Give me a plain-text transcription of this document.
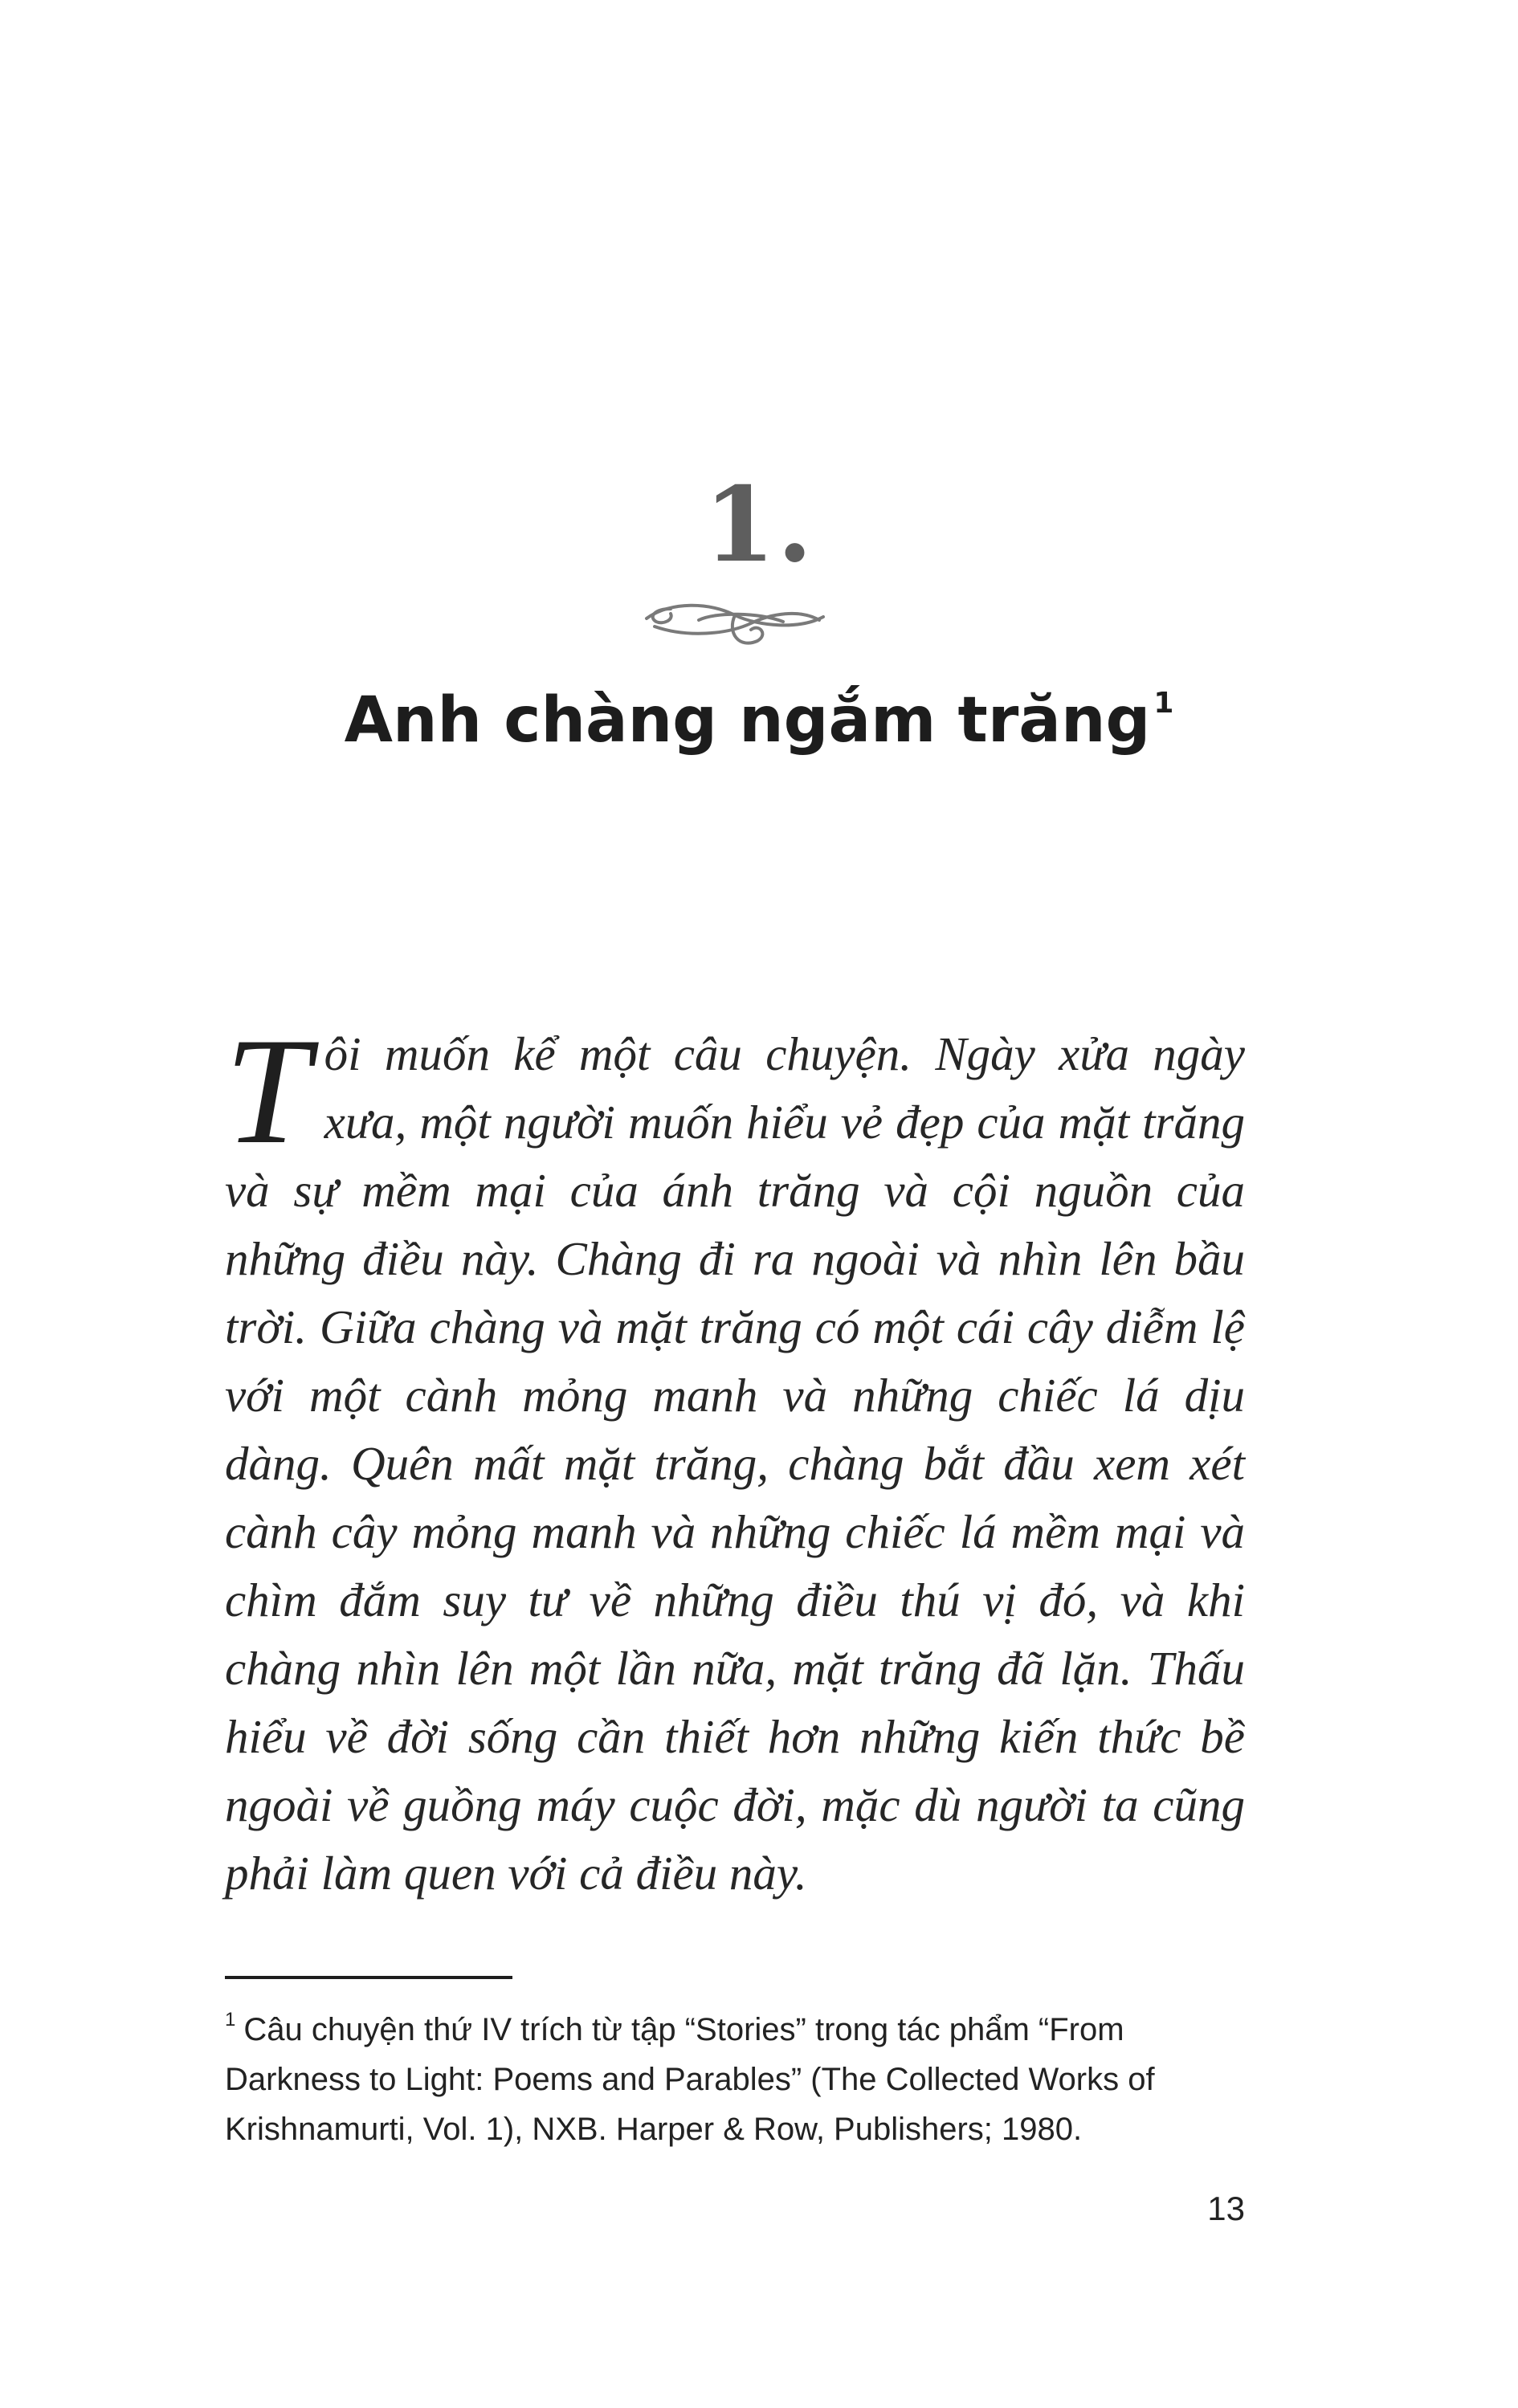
1.
Anh chàng ngắm trăng $^1$
Tôi muốn kể một câu chuyện. Ngày xửa ngày xưa, một người muốn hiểu vẻ đẹp của mặt trăng và sự mềm mại của ánh trăng và cội nguồn của những điều này. Chàng đi ra ngoài và nhìn lên bầu trời. Giữa chàng và mặt trăng có một cái cây diễm lệ với một cành mỏng manh và những chiếc lá dịu dàng. Quên mất mặt trăng, chàng bắt đầu xem xét cành cây mỏng manh và những chiếc lá mềm mại và chìm đắm suy tư về những điều thú vị đó, và khi chàng nhìn lên một lần nữa, mặt trăng đã lặn. Thấu hiểu về đời sống cần thiết hơn những kiến thức bề ngoài về guồng máy cuộc đời, mặc dù người ta cũng phải làm quen với cả điều này.
$^1$ Câu chuyện thứ IV trích từ tập “Stories” trong tác phẩm “From Darkness to Light: Poems and Parables” (The Collected Works of Krishnamurti, Vol. 1), NXB. Harper & Row, Publishers; 1980.
13
